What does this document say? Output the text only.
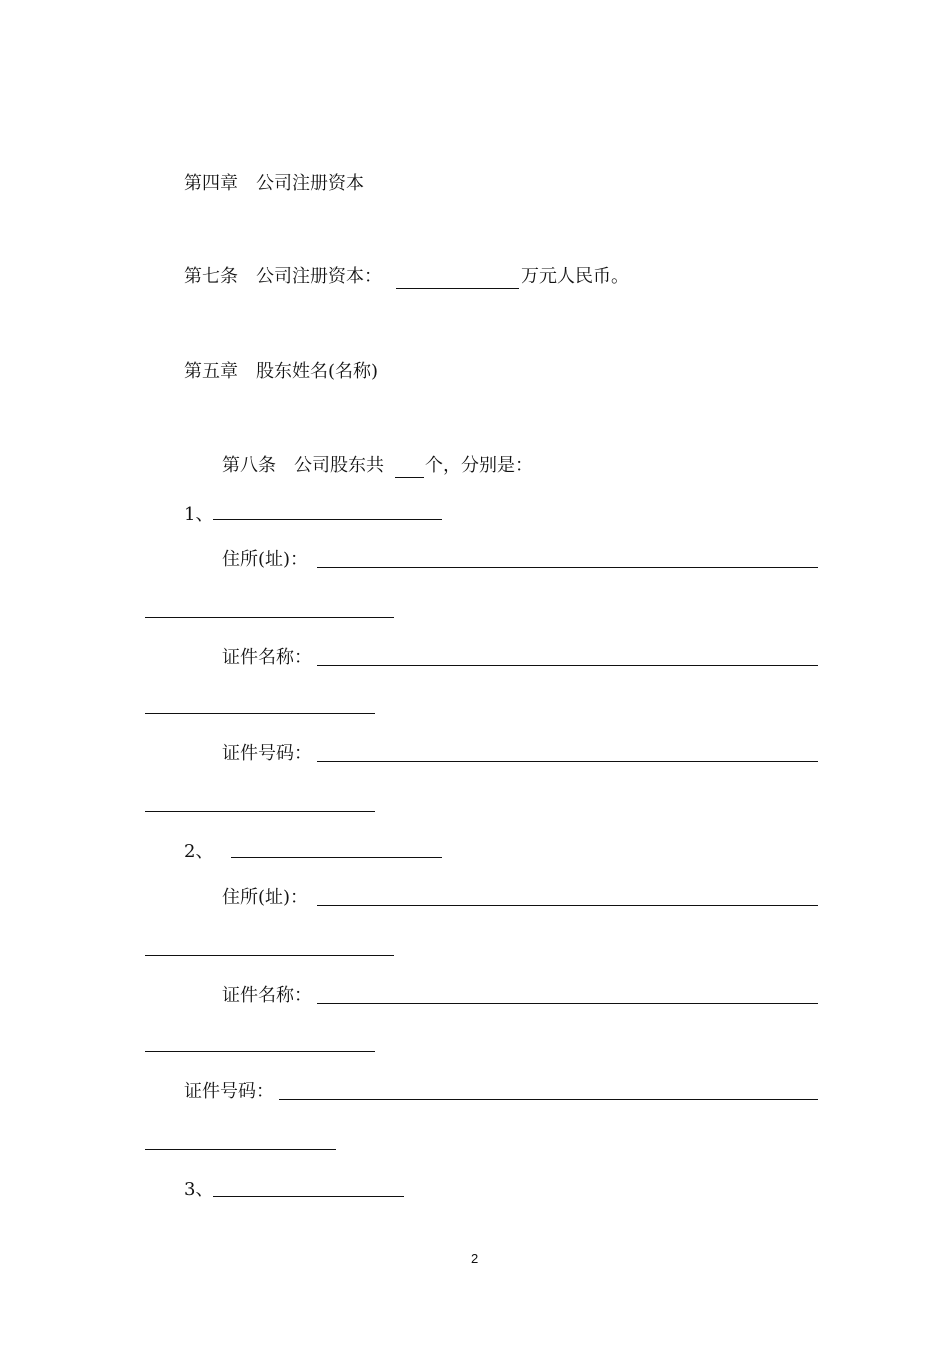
第四章　公司注册资本
第七条　公司注册资本：	万元人民币。
第五章　股东姓名(名称)
第八条　公司股东共 个，分别是：
1、
住所(址)：
证件名称：
证件号码：
2、
住所(址)：
证件名称：
证件号码：
3、
2
